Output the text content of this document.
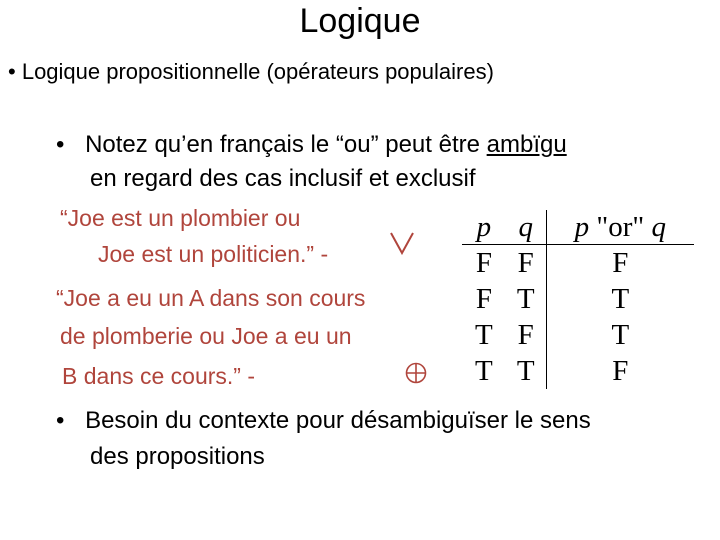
Logique
• Logique propositionnelle (opérateurs populaires)
• Notez qu’en français le “ou” peut être ambïgu
en regard des cas inclusif et exclusif
“Joe est un plombier ou
Joe est un politicien.” -
“Joe a eu un A dans son cours
de plomberie ou Joe a eu un
B dans ce cours.” -
p	q	p "or" q
F	F	F
F	T	T
T	F	T
T	T	F
• Besoin du contexte pour désambiguïser le sens
des propositions
